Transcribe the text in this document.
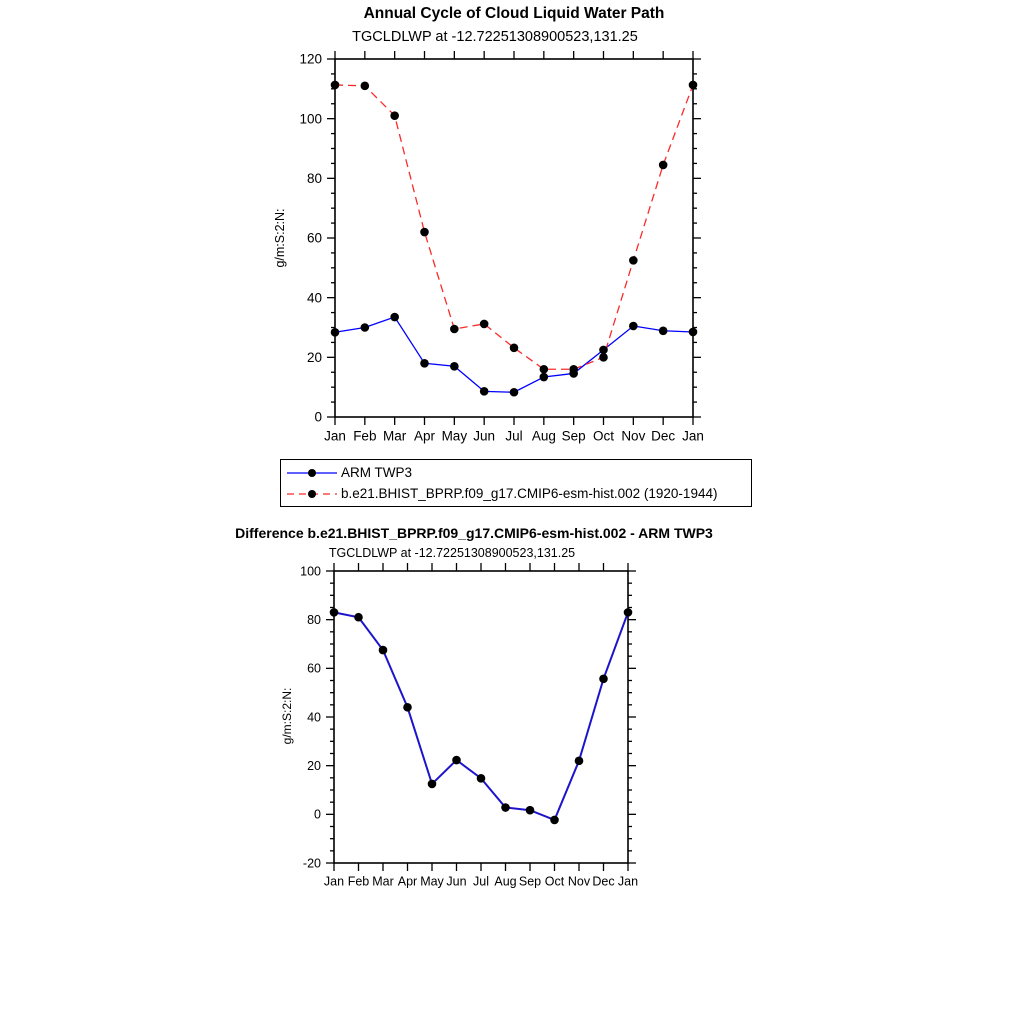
Jan Feb Mar Apr May Jun Jul Aug Sep Oct Nov Dec Jan
0
20
40
60
80
100
120
Jan Feb Mar Apr May Jun Jul Aug Sep Oct Nov Dec Jan
-20
0
20
40
60
80
100
Annual Cycle of Cloud Liquid Water Path
TGCLDLWP at -12.72251308900523,131.25
g/m:S:2:N:
ARM TWP3
b.e21.BHIST_BPRP.f09_g17.CMIP6-esm-hist.002 (1920-1944)
Difference b.e21.BHIST_BPRP.f09_g17.CMIP6-esm-hist.002 - ARM TWP3
TGCLDLWP at -12.72251308900523,131.25
g/m:S:2:N:
